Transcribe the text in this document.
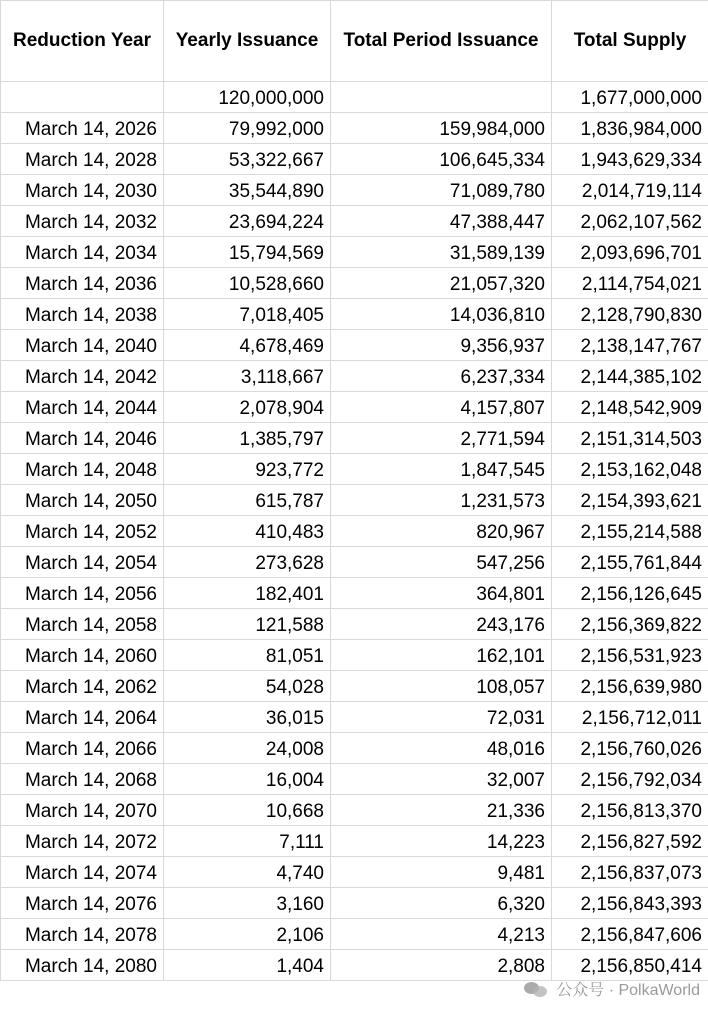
Reduction Year	Yearly Issuance	Total Period Issuance	Total Supply
	120,000,000		1,677,000,000
March 14, 2026	79,992,000	159,984,000	1,836,984,000
March 14, 2028	53,322,667	106,645,334	1,943,629,334
March 14, 2030	35,544,890	71,089,780	2,014,719,114
March 14, 2032	23,694,224	47,388,447	2,062,107,562
March 14, 2034	15,794,569	31,589,139	2,093,696,701
March 14, 2036	10,528,660	21,057,320	2,114,754,021
March 14, 2038	7,018,405	14,036,810	2,128,790,830
March 14, 2040	4,678,469	9,356,937	2,138,147,767
March 14, 2042	3,118,667	6,237,334	2,144,385,102
March 14, 2044	2,078,904	4,157,807	2,148,542,909
March 14, 2046	1,385,797	2,771,594	2,151,314,503
March 14, 2048	923,772	1,847,545	2,153,162,048
March 14, 2050	615,787	1,231,573	2,154,393,621
March 14, 2052	410,483	820,967	2,155,214,588
March 14, 2054	273,628	547,256	2,155,761,844
March 14, 2056	182,401	364,801	2,156,126,645
March 14, 2058	121,588	243,176	2,156,369,822
March 14, 2060	81,051	162,101	2,156,531,923
March 14, 2062	54,028	108,057	2,156,639,980
March 14, 2064	36,015	72,031	2,156,712,011
March 14, 2066	24,008	48,016	2,156,760,026
March 14, 2068	16,004	32,007	2,156,792,034
March 14, 2070	10,668	21,336	2,156,813,370
March 14, 2072	7,111	14,223	2,156,827,592
March 14, 2074	4,740	9,481	2,156,837,073
March 14, 2076	3,160	6,320	2,156,843,393
March 14, 2078	2,106	4,213	2,156,847,606
March 14, 2080	1,404	2,808	2,156,850,414
公众号 · PolkaWorld
